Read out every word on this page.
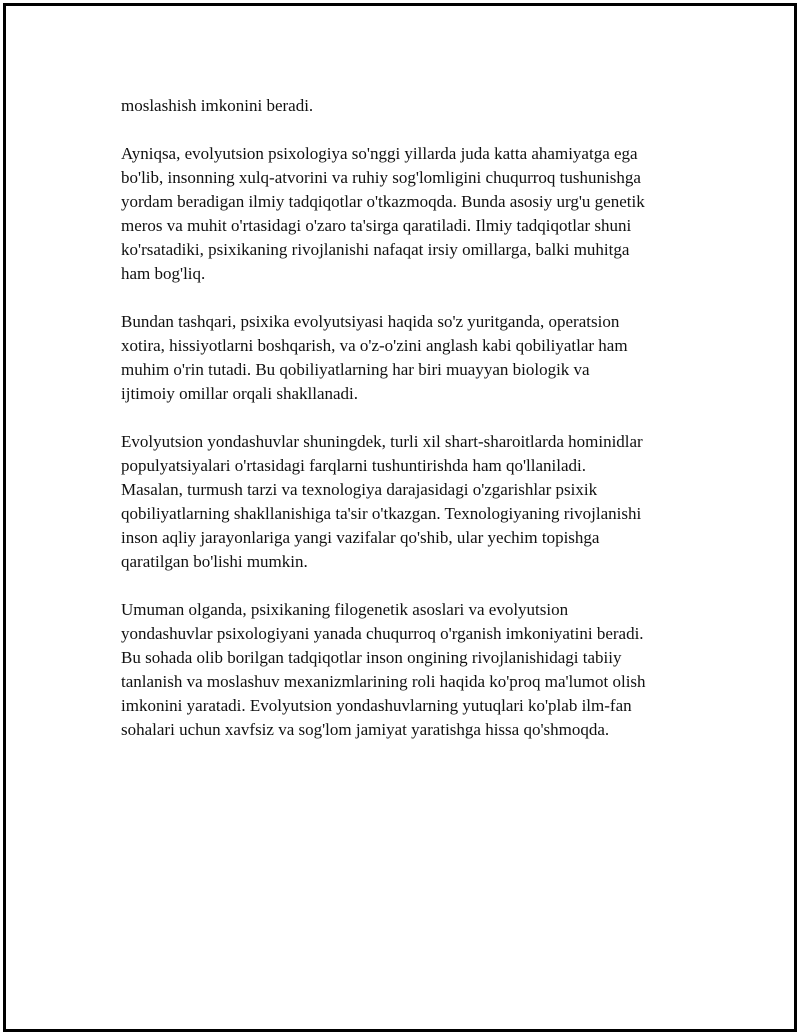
moslashish imkonini beradi.

Ayniqsa, evolyutsion psixologiya so'nggi yillarda juda katta ahamiyatga ega
bo'lib, insonning xulq-atvorini va ruhiy sog'lomligini chuqurroq tushunishga
yordam beradigan ilmiy tadqiqotlar o'tkazmoqda. Bunda asosiy urg'u genetik
meros va muhit o'rtasidagi o'zaro ta'sirga qaratiladi. Ilmiy tadqiqotlar shuni
ko'rsatadiki, psixikaning rivojlanishi nafaqat irsiy omillarga, balki muhitga
ham bog'liq.

Bundan tashqari, psixika evolyutsiyasi haqida so'z yuritganda, operatsion
xotira, hissiyotlarni boshqarish, va o'z-o'zini anglash kabi qobiliyatlar ham
muhim o'rin tutadi. Bu qobiliyatlarning har biri muayyan biologik va
ijtimoiy omillar orqali shakllanadi.

Evolyutsion yondashuvlar shuningdek, turli xil shart-sharoitlarda hominidlar
populyatsiyalari o'rtasidagi farqlarni tushuntirishda ham qo'llaniladi.
Masalan, turmush tarzi va texnologiya darajasidagi o'zgarishlar psixik
qobiliyatlarning shakllanishiga ta'sir o'tkazgan. Texnologiyaning rivojlanishi
inson aqliy jarayonlariga yangi vazifalar qo'shib, ular yechim topishga
qaratilgan bo'lishi mumkin.

Umuman olganda, psixikaning filogenetik asoslari va evolyutsion
yondashuvlar psixologiyani yanada chuqurroq o'rganish imkoniyatini beradi.
Bu sohada olib borilgan tadqiqotlar inson ongining rivojlanishidagi tabiiy
tanlanish va moslashuv mexanizmlarining roli haqida ko'proq ma'lumot olish
imkonini yaratadi. Evolyutsion yondashuvlarning yutuqlari ko'plab ilm-fan
sohalari uchun xavfsiz va sog'lom jamiyat yaratishga hissa qo'shmoqda.
